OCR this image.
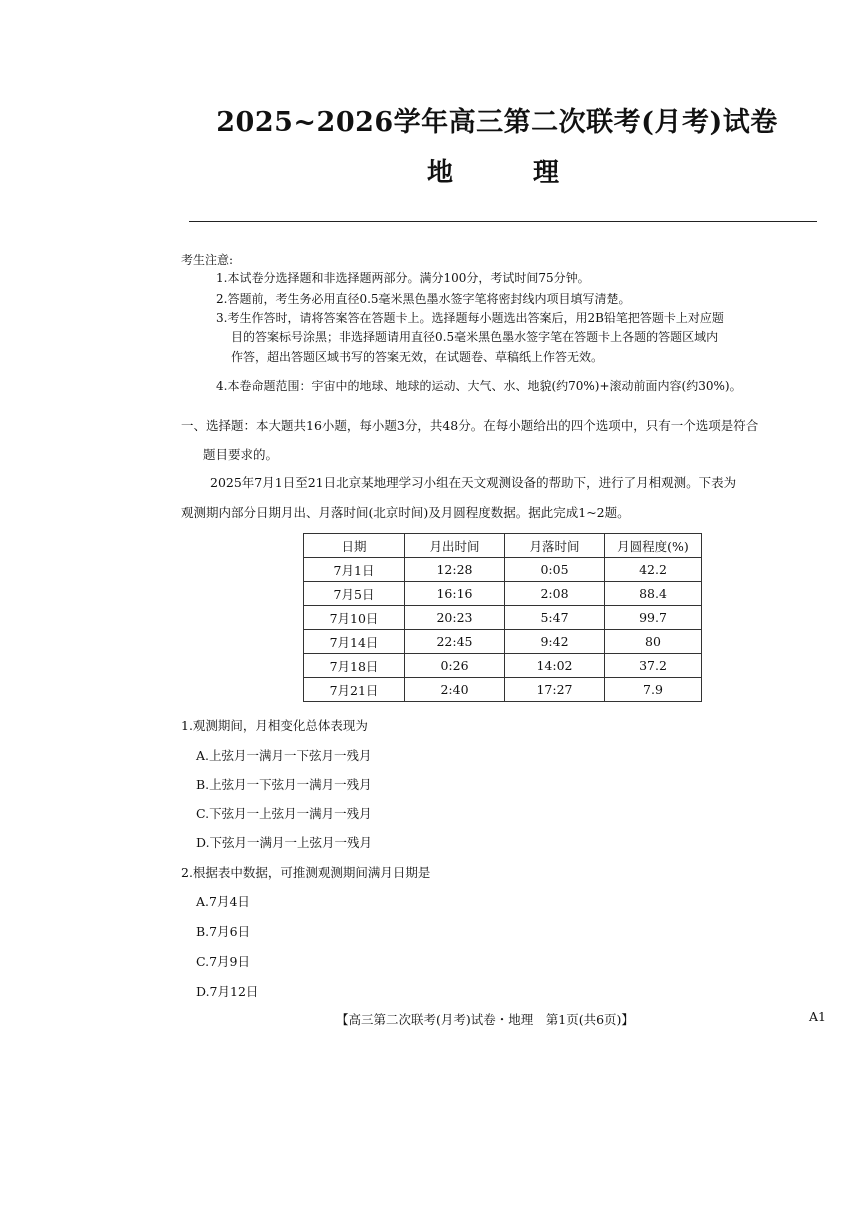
2025~2026学年高三第二次联考(月考)试卷
地	理
考生注意:
1.本试卷分选择题和非选择题两部分。满分100分，考试时间75分钟。
2.答题前，考生务必用直径0.5毫米黑色墨水签字笔将密封线内项目填写清楚。
3.考生作答时，请将答案答在答题卡上。选择题每小题选出答案后，用2B铅笔把答题卡上对应题
目的答案标号涂黑；非选择题请用直径0.5毫米黑色墨水签字笔在答题卡上各题的答题区域内
作答，超出答题区域书写的答案无效，在试题卷、草稿纸上作答无效。
4.本卷命题范围：宇宙中的地球、地球的运动、大气、水、地貌(约70%)+滚动前面内容(约30%)。
一、选择题：本大题共16小题，每小题3分，共48分。在每小题给出的四个选项中，只有一个选项是符合
题目要求的。
2025年7月1日至21日北京某地理学习小组在天文观测设备的帮助下，进行了月相观测。下表为
观测期内部分日期月出、月落时间(北京时间)及月圆程度数据。据此完成1~2题。
日期	月出时间	月落时间	月圆程度(%)
7月1日	12:28	0:05	42.2
7月5日	16:16	2:08	88.4
7月10日	20:23	5:47	99.7
7月14日	22:45	9:42	80
7月18日	0:26	14:02	37.2
7月21日	2:40	17:27	7.9
1.观测期间，月相变化总体表现为
A.上弦月一满月一下弦月一残月
B.上弦月一下弦月一满月一残月
C.下弦月一上弦月一满月一残月
D.下弦月一满月一上弦月一残月
2.根据表中数据，可推测观测期间满月日期是
A.7月4日
B.7月6日
C.7月9日
D.7月12日
【高三第二次联考(月考)试卷・地理　第1页(共6页)】	A1
